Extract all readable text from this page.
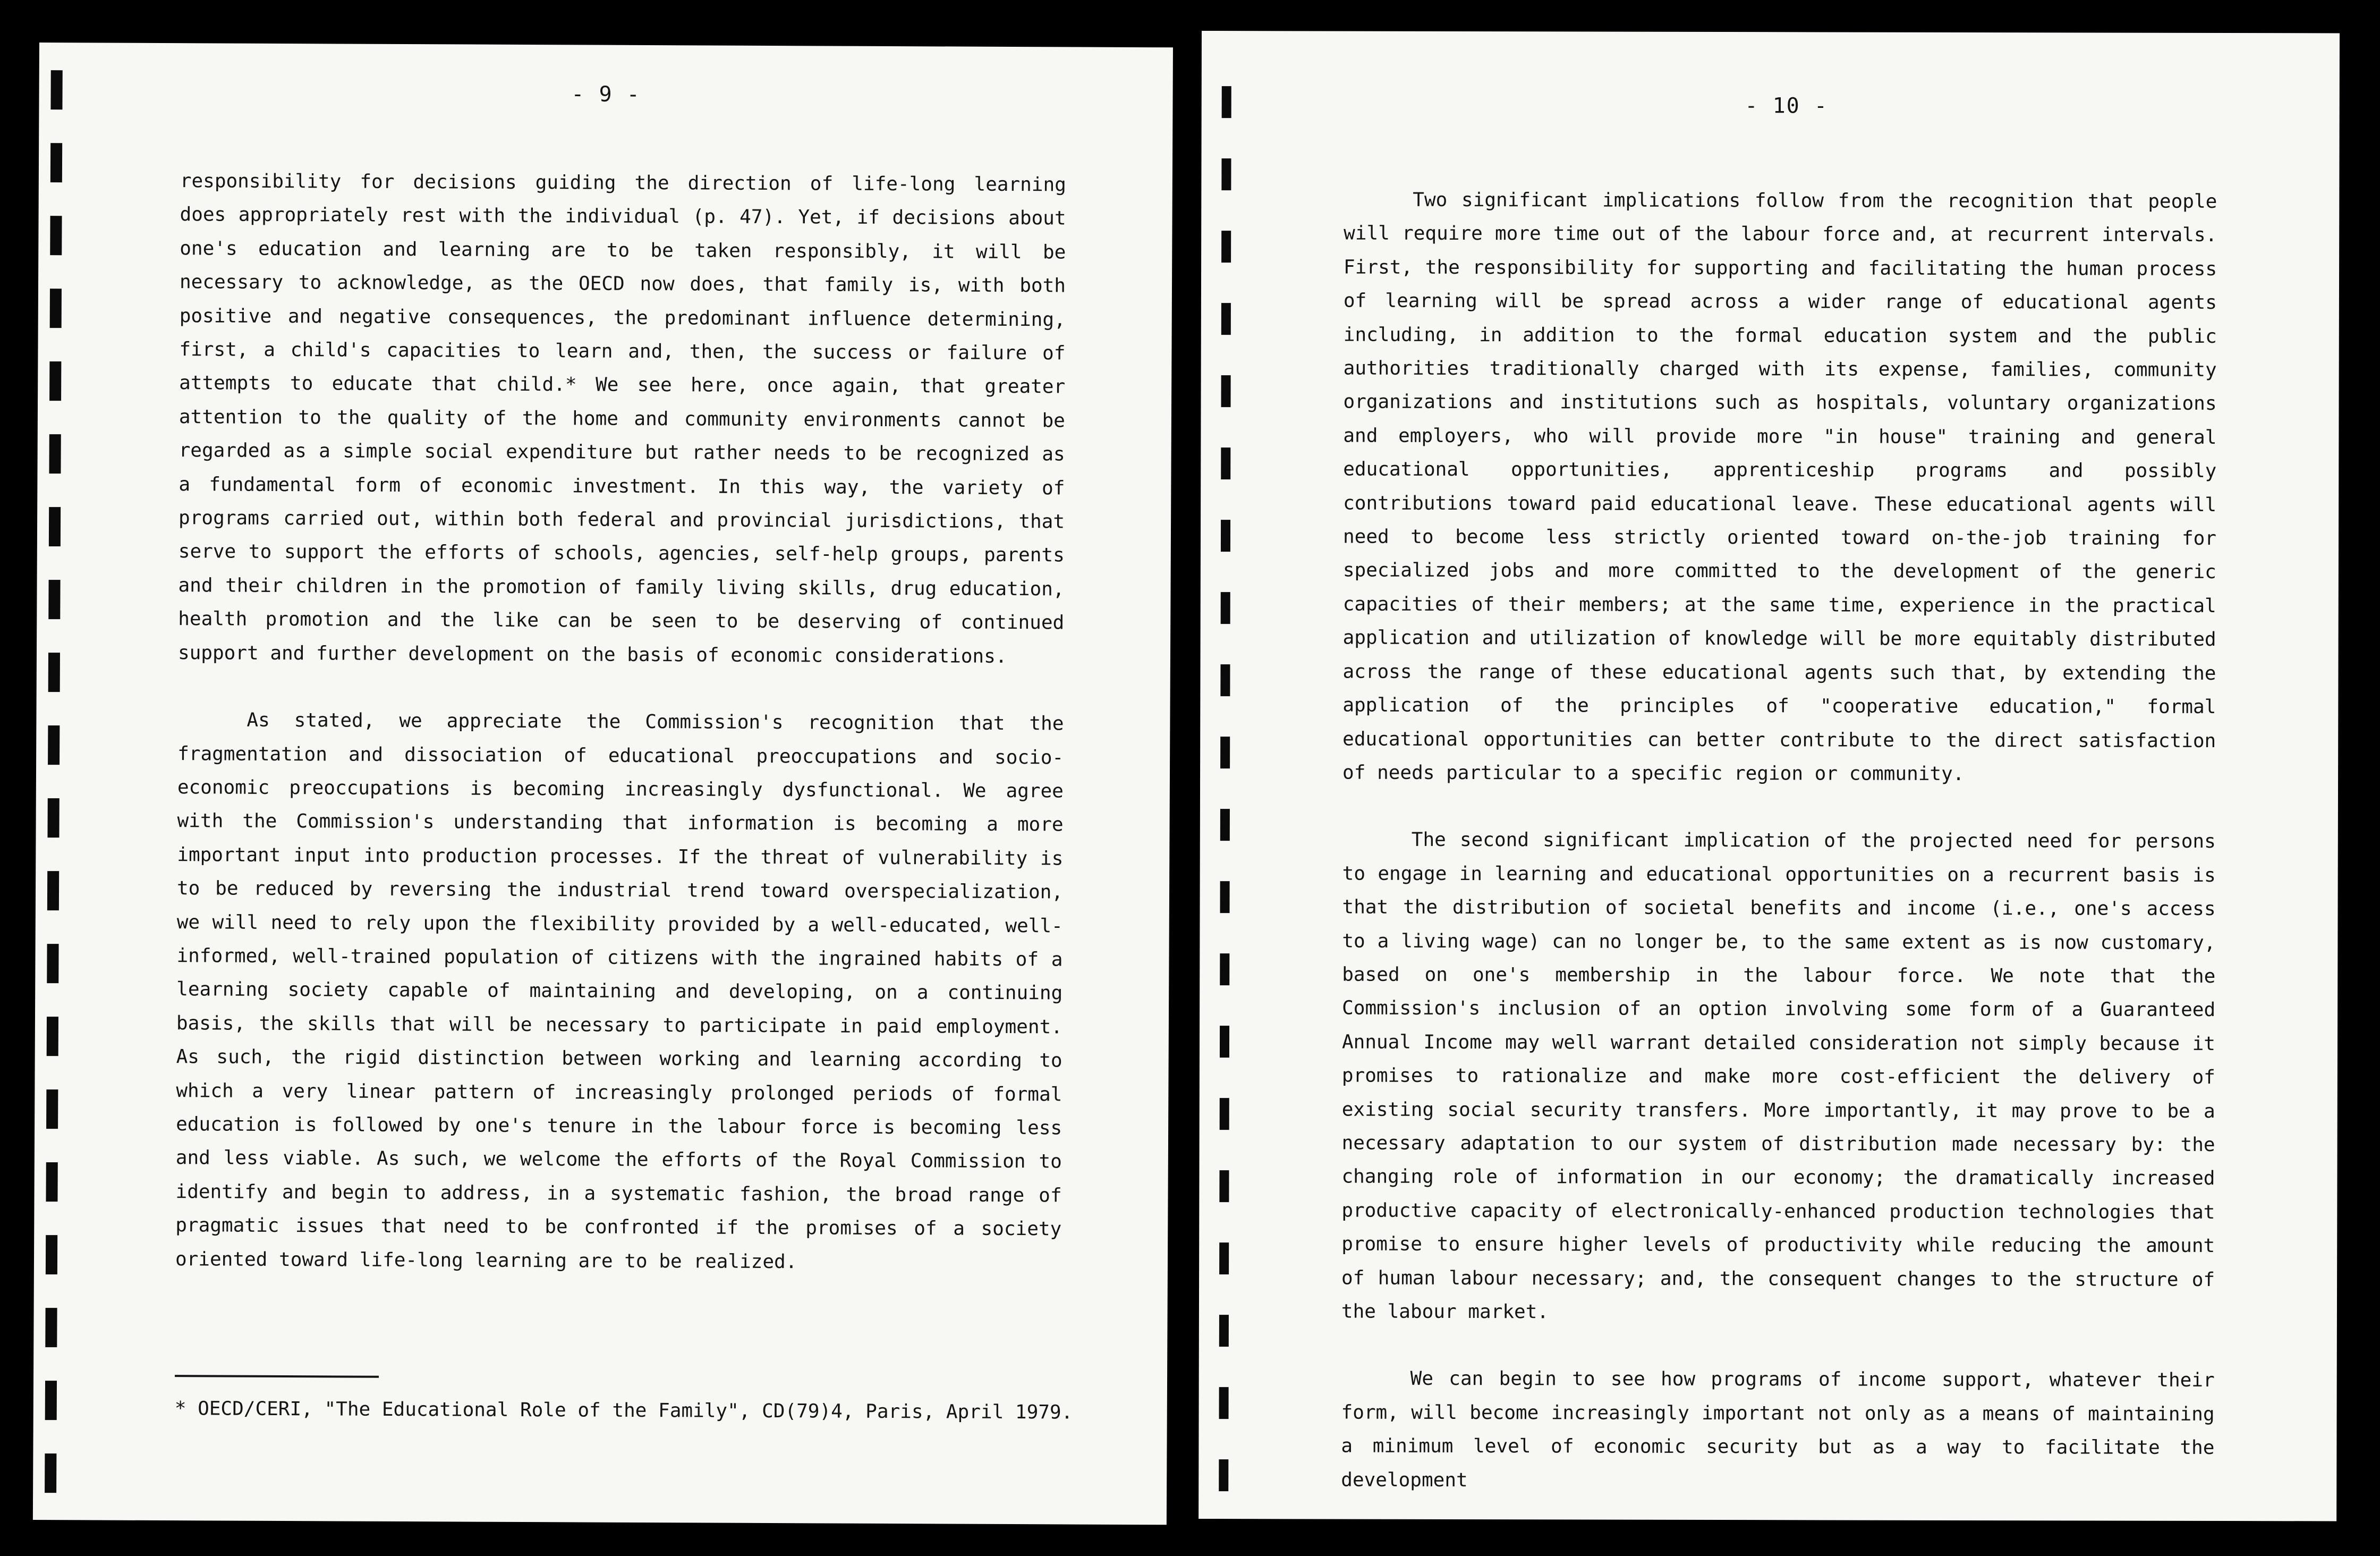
- 9 -

responsibility for decisions guiding the direction of life-long learning does appropriately rest with the individual (p. 47). Yet, if decisions about one's education and learning are to be taken responsibly, it will be necessary to acknowledge, as the OECD now does, that family is, with both positive and negative consequences, the predominant influence determining, first, a child's capacities to learn and, then, the success or failure of attempts to educate that child.* We see here, once again, that greater attention to the quality of the home and community environments cannot be regarded as a simple social expenditure but rather needs to be recognized as a fundamental form of economic investment. In this way, the variety of programs carried out, within both federal and provincial jurisdictions, that serve to support the efforts of schools, agencies, self-help groups, parents and their children in the promotion of family living skills, drug education, health promotion and the like can be seen to be deserving of continued support and further development on the basis of economic considerations.

As stated, we appreciate the Commission's recognition that the fragmentation and dissociation of educational preoccupations and socio-economic preoccupations is becoming increasingly dysfunctional. We agree with the Commission's understanding that information is becoming a more important input into production processes. If the threat of vulnerability is to be reduced by reversing the industrial trend toward overspecialization, we will need to rely upon the flexibility provided by a well-educated, well-informed, well-trained population of citizens with the ingrained habits of a learning society capable of maintaining and developing, on a continuing basis, the skills that will be necessary to participate in paid employment. As such, the rigid distinction between working and learning according to which a very linear pattern of increasingly prolonged periods of formal education is followed by one's tenure in the labour force is becoming less and less viable. As such, we welcome the efforts of the Royal Commission to identify and begin to address, in a systematic fashion, the broad range of pragmatic issues that need to be confronted if the promises of a society oriented toward life-long learning are to be realized.

* OECD/CERI, "The Educational Role of the Family", CD(79)4, Paris, April 1979.
- 10 -

Two significant implications follow from the recognition that people will require more time out of the labour force and, at recurrent intervals. First, the responsibility for supporting and facilitating the human process of learning will be spread across a wider range of educational agents including, in addition to the formal education system and the public authorities traditionally charged with its expense, families, community organizations and institutions such as hospitals, voluntary organizations and employers, who will provide more "in house" training and general educational opportunities, apprenticeship programs and possibly contributions toward paid educational leave. These educational agents will need to become less strictly oriented toward on-the-job training for specialized jobs and more committed to the development of the generic capacities of their members; at the same time, experience in the practical application and utilization of knowledge will be more equitably distributed across the range of these educational agents such that, by extending the application of the principles of "cooperative education," formal educational opportunities can better contribute to the direct satisfaction of needs particular to a specific region or community.

The second significant implication of the projected need for persons to engage in learning and educational opportunities on a recurrent basis is that the distribution of societal benefits and income (i.e., one's access to a living wage) can no longer be, to the same extent as is now customary, based on one's membership in the labour force. We note that the Commission's inclusion of an option involving some form of a Guaranteed Annual Income may well warrant detailed consideration not simply because it promises to rationalize and make more cost-efficient the delivery of existing social security transfers. More importantly, it may prove to be a necessary adaptation to our system of distribution made necessary by: the changing role of information in our economy; the dramatically increased productive capacity of electronically-enhanced production technologies that promise to ensure higher levels of productivity while reducing the amount of human labour necessary; and, the consequent changes to the structure of the labour market.

We can begin to see how programs of income support, whatever their form, will become increasingly important not only as a means of maintaining a minimum level of economic security but as a way to facilitate the development
